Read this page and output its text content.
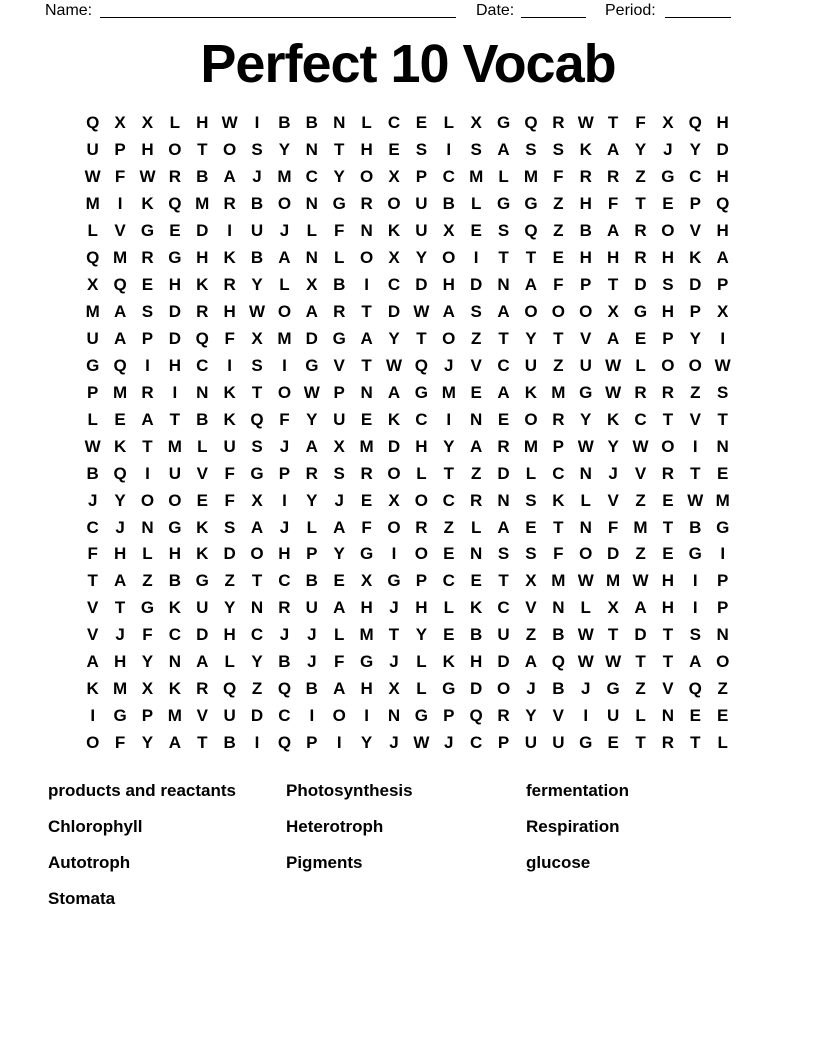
Name:	Date:	Period:
Perfect 10 Vocab
Q X X L H W	I	B B N L C E L X G Q R W T	F X Q H
U P H O T O S Y N T H E S	I	S A S S K A Y J Y D
W F W R B A J M C Y O X P C M L M F R R Z G C H
M	I	K Q M R B O N G R O U B L G G Z H F	T E P Q
L V G E D	I	U J	L	F N K U X E S Q Z B A R O V H
Q M R G H K B A N L O X Y O	I	T	T E H H R H K A
X Q E H K R Y L X B	I	C D H D N A F P T D S D P
M A S D R H W O A R T D W A S A O O O X G H P X
U A P D Q F X M D G A Y T O Z	T Y T V A E P Y	I
G Q	I	H C	I	S	I	G V T W Q J V C U Z U W L O O W
P M R	I	N K T O W P N A G M E A K M G W R R Z S
L E A T B K Q F Y U E K C	I	N E O R Y K C T V T
W K T M L U S J A X M D H Y A R M P W Y W O	I	N
B Q	I	U V F G P R S R O L	T	Z D L C N J V R T E
J Y O O E F X	I	Y J E X O C R N S K L V Z E W M
C J N G K S A J	L A F O R Z	L A E T N F M T B G
F H L H K D O H P Y G	I	O E N S S F O D Z E G	I
T A Z B G Z	T C B E X G P C E T X M W M W H	I	P
V T G K U Y N R U A H J H L K C V N L X A H	I	P
V J	F C D H C J	J	L M T Y E B U Z B W T D T S N
A H Y N A L Y B J	F G J	L K H D A Q W W T	T A O
K M X K R Q Z Q B A H X L G D O J B J G Z V Q Z
I	G P M V U D C	I	O	I	N G P Q R Y V	I	U L N E E
O F Y A T B	I	Q P	I	Y J W J C P U U G E T R T	L
products and reactants
Chlorophyll
Autotroph
Stomata
Photosynthesis
Heterotroph
Pigments
fermentation
Respiration
glucose
